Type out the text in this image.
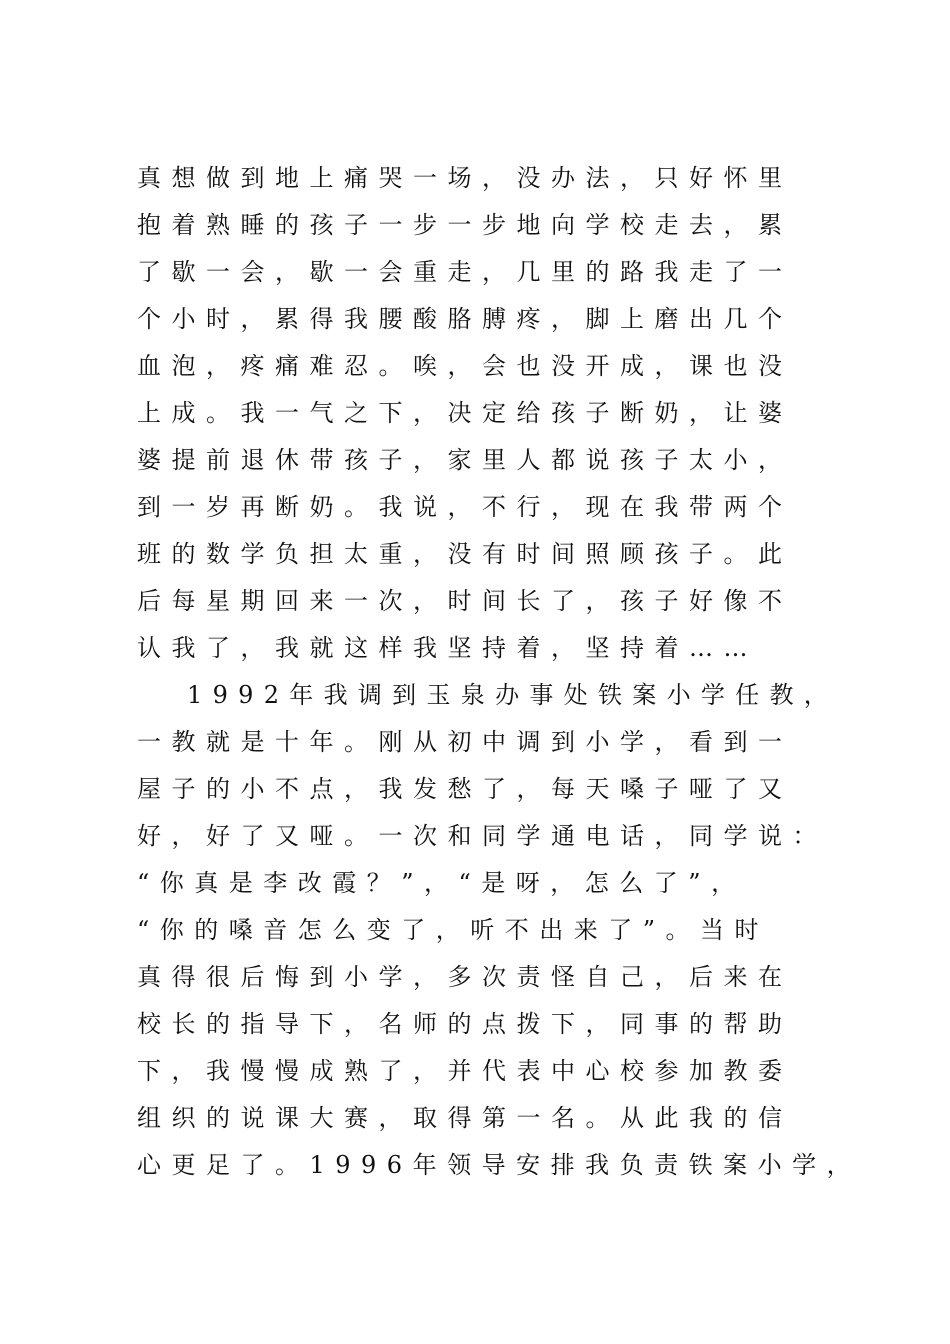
真想做到地上痛哭一场，没办法，只好怀里
抱着熟睡的孩子一步一步地向学校走去，累
了歇一会，歇一会重走，几里的路我走了一
个小时，累得我腰酸胳膊疼，脚上磨出几个
血泡，疼痛难忍。唉，会也没开成，课也没
上成。我一气之下，决定给孩子断奶，让婆
婆提前退休带孩子，家里人都说孩子太小，
到一岁再断奶。我说，不行，现在我带两个
班的数学负担太重，没有时间照顾孩子。此
后每星期回来一次，时间长了，孩子好像不
认我了，我就这样我坚持着，坚持着……
1992年我调到玉泉办事处铁案小学任教，
一教就是十年。刚从初中调到小学，看到一
屋子的小不点，我发愁了，每天嗓子哑了又
好，好了又哑。一次和同学通电话，同学说：
“你真是李改霞？”，“是呀，怎么了”，
“你的嗓音怎么变了，听不出来了”。当时
真得很后悔到小学，多次责怪自己，后来在
校长的指导下，名师的点拨下，同事的帮助
下，我慢慢成熟了，并代表中心校参加教委
组织的说课大赛，取得第一名。从此我的信
心更足了。1996年领导安排我负责铁案小学，
